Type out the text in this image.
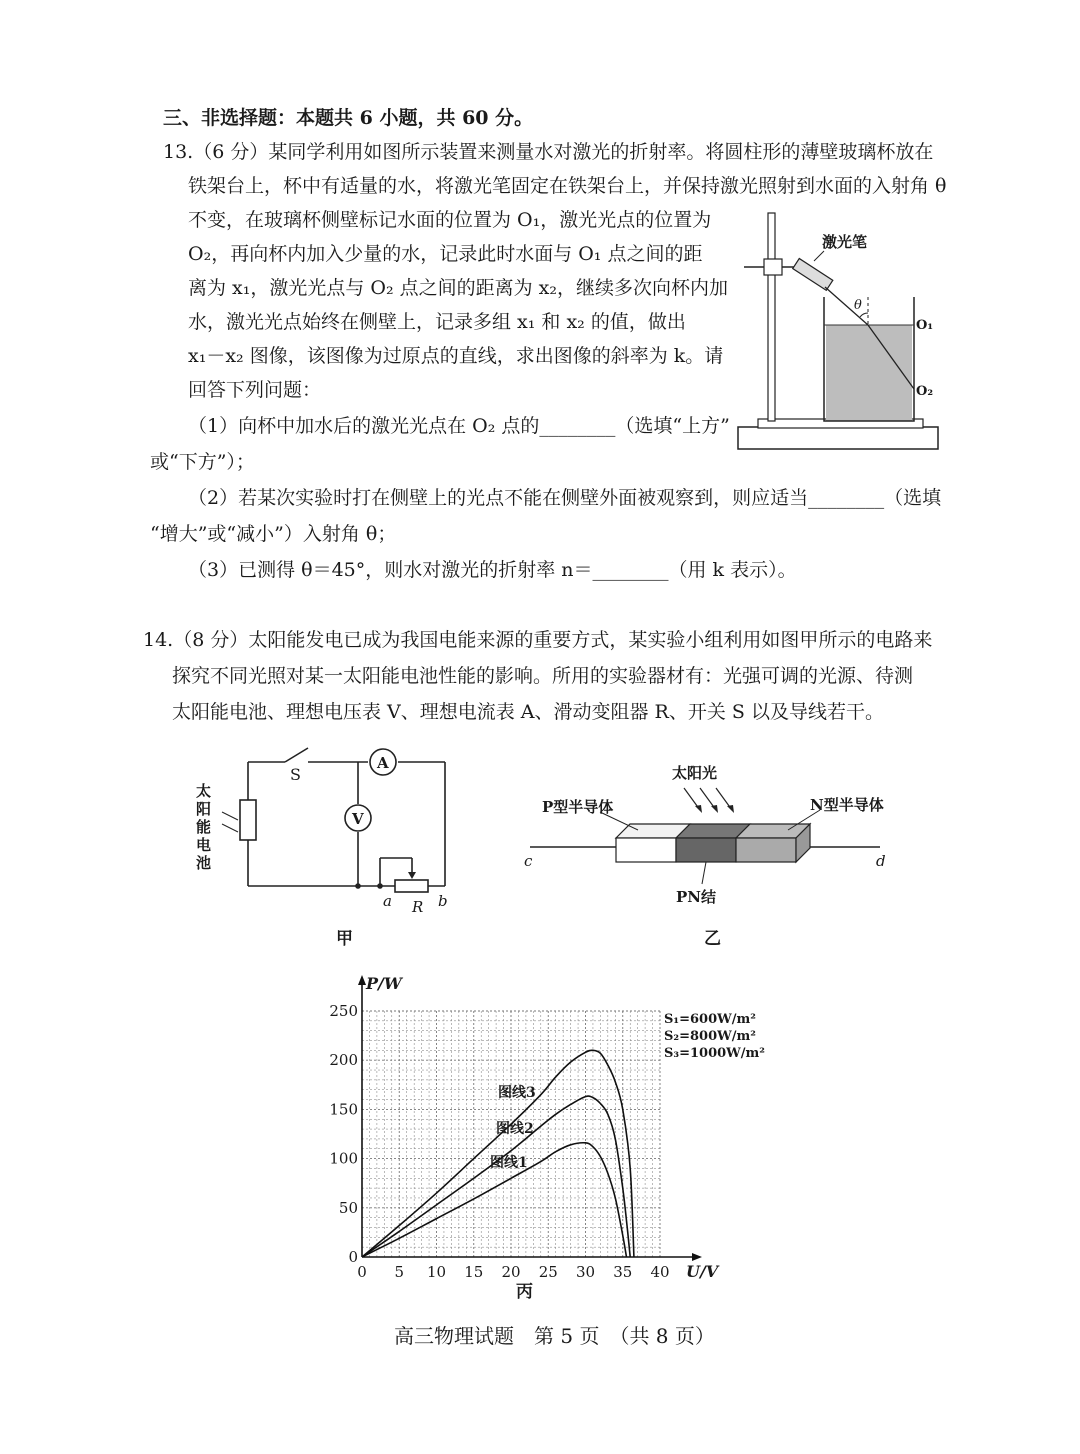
三、非选择题：本题共 6 小题，共 60 分。
13.（6 分）某同学利用如图所示装置来测量水对激光的折射率。将圆柱形的薄壁玻璃杯放在
铁架台上，杯中有适量的水，将激光笔固定在铁架台上，并保持激光照射到水面的入射角 θ
不变，在玻璃杯侧壁标记水面的位置为 O₁，激光光点的位置为
O₂，再向杯内加入少量的水，记录此时水面与 O₁ 点之间的距
离为 x₁，激光光点与 O₂ 点之间的距离为 x₂，继续多次向杯内加
水，激光光点始终在侧壁上，记录多组 x₁ 和 x₂ 的值，做出
x₁－x₂ 图像，该图像为过原点的直线，求出图像的斜率为 k。请
回答下列问题：
（1）向杯中加水后的激光光点在 O₂ 点的________（选填“上方”
或“下方”）；
（2）若某次实验时打在侧壁上的光点不能在侧壁外面被观察到，则应适当________（选填
“增大”或“减小”）入射角 θ；
（3）已测得 θ＝45°，则水对激光的折射率 n＝________（用 k 表示）。
θ
激光笔
O₁
O₂
14.（8 分）太阳能发电已成为我国电能来源的重要方式，某实验小组利用如图甲所示的电路来
探究不同光照对某一太阳能电池性能的影响。所用的实验器材有：光强可调的光源、待测
太阳能电池、理想电压表 V、理想电流表 A、滑动变阻器 R、开关 S 以及导线若干。
A
V
S
a R b
太
阳
能
电
池
甲
太阳光
P型半导体	N型半导体
c	d
PN结
乙
0 5 10 15 20 25 30 35 40
0
50
100
150
200
250
P/W
U/V
S₁=600W/m²
S₂=800W/m²
S₃=1000W/m²
图线3
图线2
图线1
丙
高三物理试题　第 5 页　（共 8 页）
